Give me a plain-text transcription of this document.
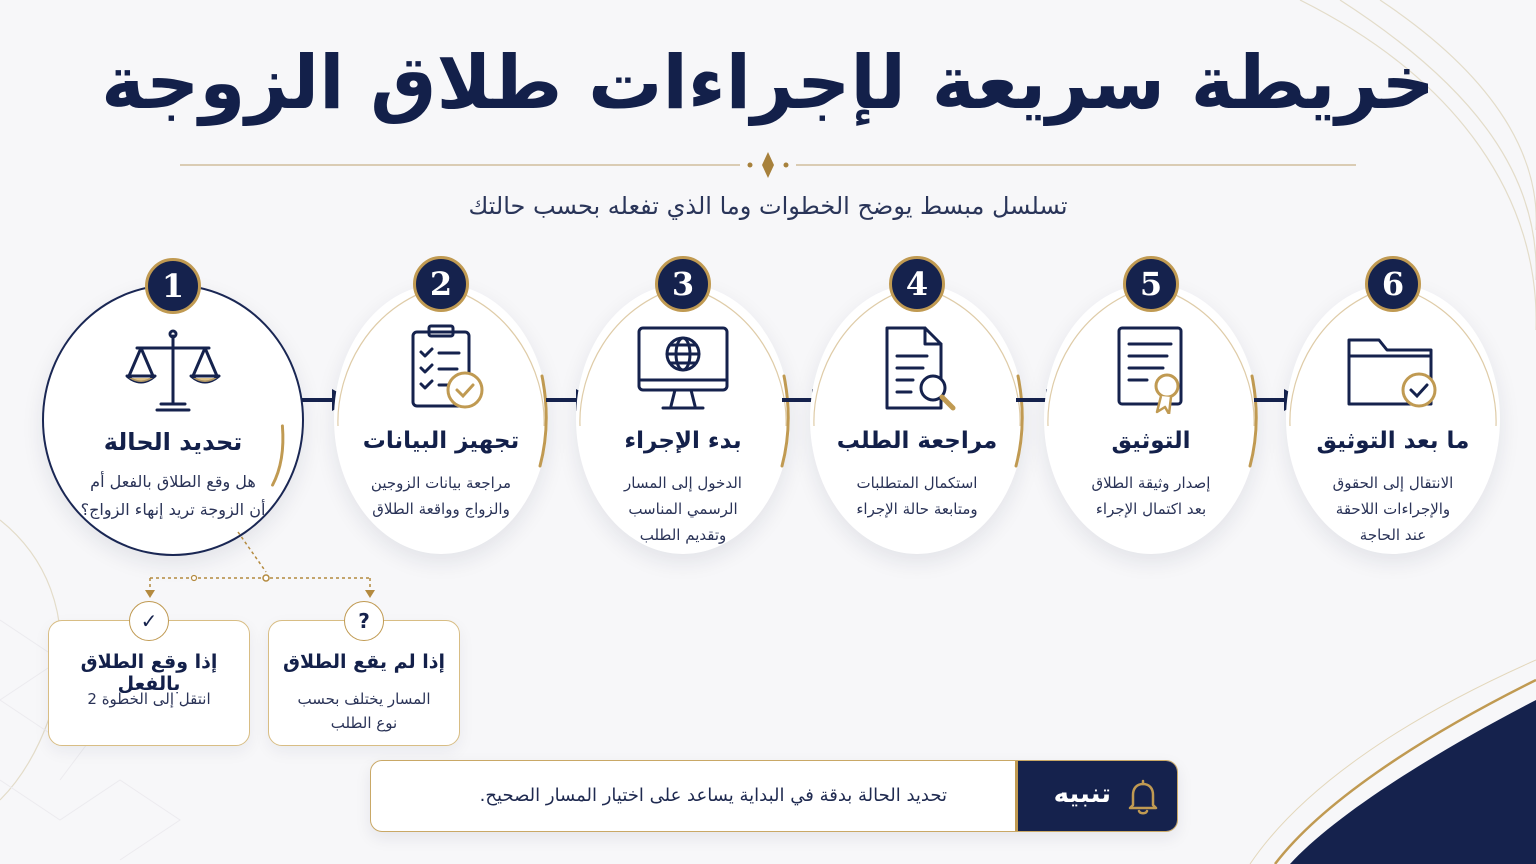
خريطة سريعة لإجراءات طلاق الزوجة
تسلسل مبسط يوضح الخطوات وما الذي تفعله بحسب حالتك
1
تحديد الحالة
هل وقع الطلاق بالفعل أم
أن الزوجة تريد إنهاء الزواج؟
2
تجهيز البيانات
مراجعة بيانات الزوجين
والزواج وواقعة الطلاق
3
بدء الإجراء
الدخول إلى المسار
الرسمي المناسب
وتقديم الطلب
4
مراجعة الطلب
استكمال المتطلبات
ومتابعة حالة الإجراء
5
التوثيق
إصدار وثيقة الطلاق
بعد اكتمال الإجراء
6
ما بعد التوثيق
الانتقال إلى الحقوق
والإجراءات اللاحقة
عند الحاجة
✓
إذا وقع الطلاق بالفعل
انتقل إلى الخطوة 2
?
إذا لم يقع الطلاق
المسار يختلف بحسب
نوع الطلب
تنبيه
تحديد الحالة بدقة في البداية يساعد على اختيار المسار الصحيح.
